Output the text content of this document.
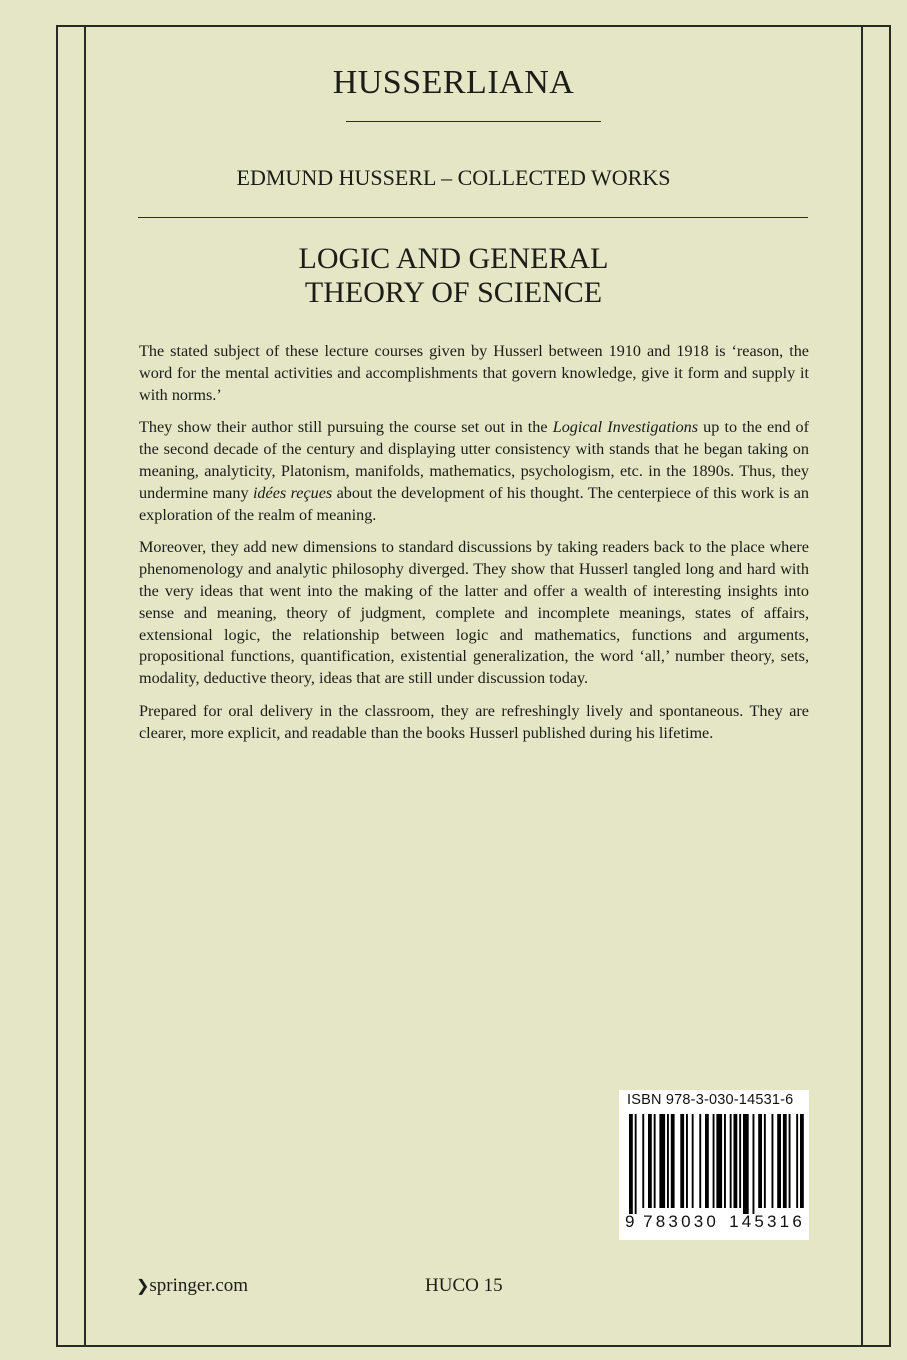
HUSSERLIANA
EDMUND HUSSERL – COLLECTED WORKS
LOGIC AND GENERAL
THEORY OF SCIENCE

The stated subject of these lecture courses given by Husserl between 1910 and 1918 is ‘reason, the word for the mental activities and accomplishments that govern knowledge, give it form and supply it with norms.’

They show their author still pursuing the course set out in the Logical Investigations up to the end of the second decade of the century and displaying utter consistency with stands that he began taking on meaning, analyticity, Platonism, manifolds, mathematics, psychologism, etc. in the 1890s. Thus, they undermine many idées reçues about the development of his thought. The centerpiece of this work is an exploration of the realm of meaning.

Moreover, they add new dimensions to standard discussions by taking readers back to the place where phenomenology and analytic philosophy diverged. They show that Husserl tangled long and hard with the very ideas that went into the making of the latter and offer a wealth of interesting insights into sense and meaning, theory of judgment, complete and incomplete meanings, states of affairs, extensional logic, the relationship between logic and mathematics, functions and arguments, propositional functions, quantification, existential generalization, the word ‘all,’ number theory, sets, modality, deductive theory, ideas that are still under discussion today.

Prepared for oral delivery in the classroom, they are refreshingly lively and spontaneous. They are clearer, more explicit, and readable than the books Husserl published during his lifetime.

ISBN 978-3-030-14531-6
9 783030 145316
❯springer.com	HUCO 15
